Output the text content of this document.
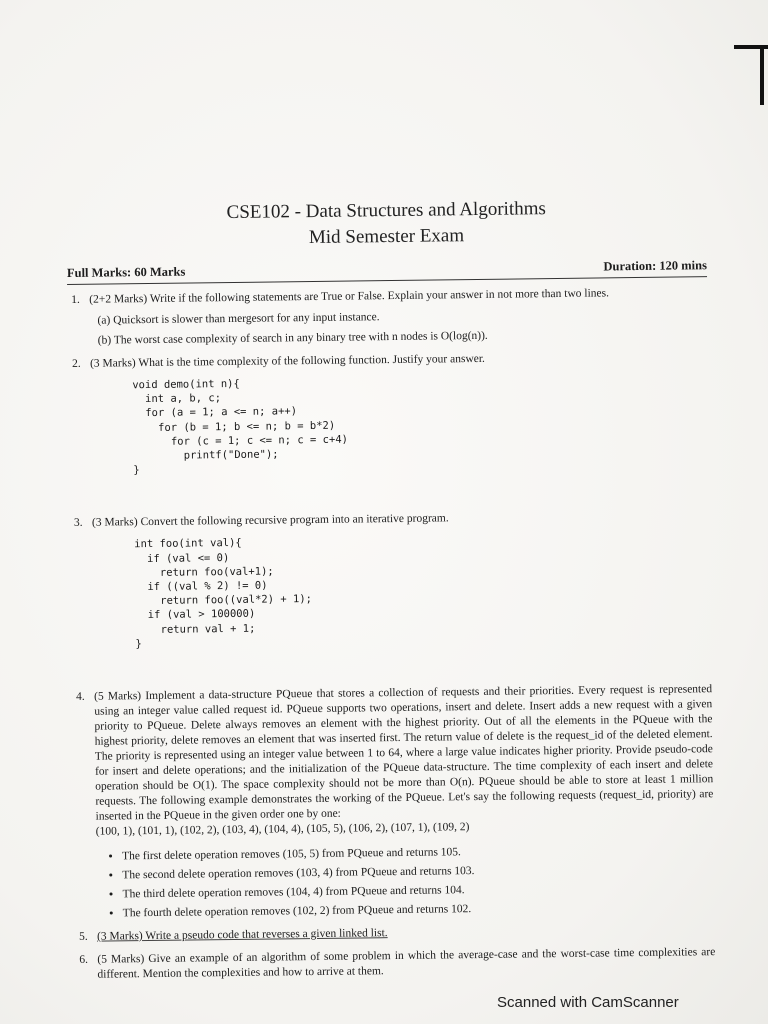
CSE102 - Data Structures and Algorithms
Mid Semester Exam
Full Marks: 60 Marks	Duration: 120 mins
1. (2+2 Marks) Write if the following statements are True or False. Explain your answer in not more than two lines.
(a) Quicksort is slower than mergesort for any input instance.
(b) The worst case complexity of search in any binary tree with n nodes is O(log(n)).
2. (3 Marks) What is the time complexity of the following function. Justify your answer.
void demo(int n){
int a, b, c;
for (a = 1; a <= n; a++)
for (b = 1; b <= n; b = b*2)
for (c = 1; c <= n; c = c+4)
printf("Done");
}
3. (3 Marks) Convert the following recursive program into an iterative program.
int foo(int val){
if (val <= 0)
return foo(val+1);
if ((val % 2) != 0)
return foo((val*2) + 1);
if (val > 100000)
return val + 1;
}
4. (5 Marks) Implement a data-structure PQueue that stores a collection of requests and their priorities. Every request is represented using an integer value called request id. PQueue supports two operations, insert and delete. Insert adds a new request with a given priority to PQueue. Delete always removes an element with the highest priority. Out of all the elements in the PQueue with the highest priority, delete removes an element that was inserted first. The return value of delete is the request_id of the deleted element. The priority is represented using an integer value between 1 to 64, where a large value indicates higher priority. Provide pseudo-code for insert and delete operations; and the initialization of the PQueue data-structure. The time complexity of each insert and delete operation should be O(1). The space complexity should not be more than O(n). PQueue should be able to store at least 1 million requests. The following example demonstrates the working of the PQueue. Let's say the following requests (request_id, priority) are inserted in the PQueue in the given order one by one:
(100, 1), (101, 1), (102, 2), (103, 4), (104, 4), (105, 5), (106, 2), (107, 1), (109, 2)
• The first delete operation removes (105, 5) from PQueue and returns 105.
• The second delete operation removes (103, 4) from PQueue and returns 103.
• The third delete operation removes (104, 4) from PQueue and returns 104.
• The fourth delete operation removes (102, 2) from PQueue and returns 102.
5. (3 Marks) Write a pseudo code that reverses a given linked list.
6. (5 Marks) Give an example of an algorithm of some problem in which the average-case and the worst-case time complexities are different. Mention the complexities and how to arrive at them.
Scanned with CamScanner
